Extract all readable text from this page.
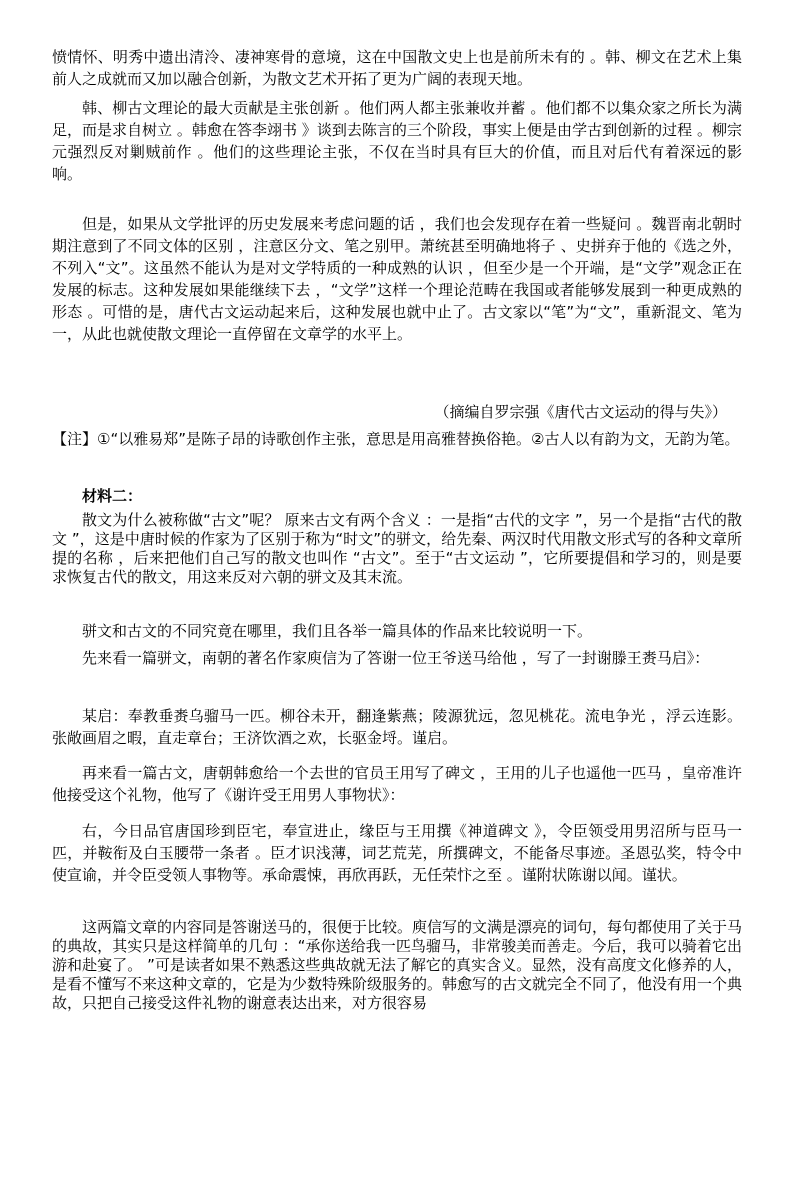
愤情怀、明秀中遗出清泠、凄神寒骨的意境，这在中国散文史上也是前所未有的 。韩、柳文在艺术上集前人之成就而又加以融合创新，为散文艺术开拓了更为广阔的表现天地。

韩、柳古文理论的最大贡献是主张创新 。他们两人都主张兼收并蓄 。他们都不以集众家之所长为满足，而是求自树立 。韩愈在答李翊书 》谈到去陈言的三个阶段，事实上便是由学古到创新的过程 。柳宗元强烈反对剿贼前作 。他们的这些理论主张，不仅在当时具有巨大的价值，而且对后代有着深远的影响。

但是，如果从文学批评的历史发展来考虑问题的话 ，我们也会发现存在着一些疑问 。魏晋南北朝时期注意到了不同文体的区别 ，注意区分文、笔之别甲。萧统甚至明确地将子 、史拼弃于他的《选之外，不列入“文”。这虽然不能认为是对文学特质的一种成熟的认识 ，但至少是一个开端，是“文学”观念正在发展的标志。这种发展如果能继续下去 ，“文学”这样一个理论范畴在我国或者能够发展到一种更成熟的形态 。可惜的是，唐代古文运动起来后，这种发展也就中止了。古文家以“笔”为“文”，重新混文、笔为一，从此也就使散文理论一直停留在文章学的水平上。

（摘编自罗宗强《唐代古文运动的得与失》）

【注】①“以雅易郑”是陈子昂的诗歌创作主张，意思是用高雅替换俗艳。②古人以有韵为文，无韵为笔。

材料二：

散文为什么被称做“古文”呢？ 原来古文有两个含义 ：一是指“古代的文字 ”，另一个是指“古代的散文 ”，这是中唐时候的作家为了区别于称为“时文”的骈文，给先秦、两汉时代用散文形式写的各种文章所提的名称 ，后来把他们自己写的散文也叫作 “古文”。至于“古文运动 ”，它所要提倡和学习的，则是要求恢复古代的散文，用这来反对六朝的骈文及其末流。

骈文和古文的不同究竟在哪里，我们且各举一篇具体的作品来比较说明一下。

先来看一篇骈文，南朝的著名作家庾信为了答谢一位王爷送马给他 ，写了一封谢滕王赉马启》：

某启：奉教垂赉乌骝马一匹。柳谷未开，翻逢紫燕；陵源犹远，忽见桃花。流电争光 ，浮云连影。张敞画眉之暇，直走章台；王济饮酒之欢，长驱金埒。谨启。

再来看一篇古文，唐朝韩愈给一个去世的官员王用写了碑文 ，王用的儿子也遥他一匹马 ，皇帝准许他接受这个礼物，他写了《谢许受王用男人事物状》：

右，今日品官唐国珍到臣宅，奉宣进止，缘臣与王用撰《神道碑文 》，令臣领受用男沼所与臣马一匹，并鞍衔及白玉腰带一条者 。臣才识浅薄，词艺荒芜，所撰碑文，不能备尽事迹。圣恩弘奖，特令中使宣谕，并令臣受领人事物等。承命震悚，再欣再跃，无任荣忭之至 。谨附状陈谢以闻。谨状。

这两篇文章的内容同是答谢送马的，很便于比较。庾信写的文满是漂亮的词句，每句都使用了关于马的典故，其实只是这样简单的几句 ：“承你送给我一匹鸟骝马，非常骏美而善走。今后，我可以骑着它出游和赴宴了。 ”可是读者如果不熟悉这些典故就无法了解它的真实含义。显然，没有高度文化修养的人，是看不懂写不来这种文章的，它是为少数特殊阶级服务的。韩愈写的古文就完全不同了，他没有用一个典故，只把自己接受这件礼物的谢意表达出来，对方很容易
